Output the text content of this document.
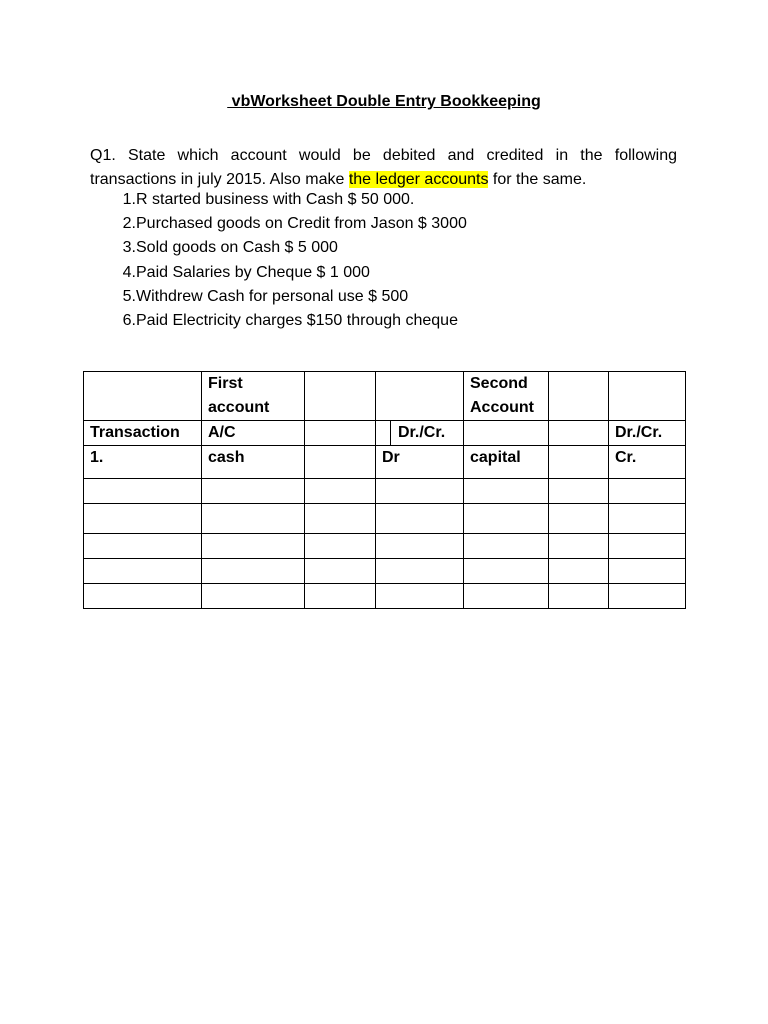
vbWorksheet Double Entry Bookkeeping

Q1. State which account would be debited and credited in the following transactions in july 2015. Also make the ledger accounts for the same.

1. R started business with Cash $ 50 000.
2. Purchased goods on Credit from Jason $ 3000
3. Sold goods on Cash $ 5 000
4. Paid Salaries by Cheque $ 1 000
5. Withdrew Cash for personal use $ 500
6. Paid Electricity charges $150 through cheque
	First account			Second Account		
Transaction	A/C		Dr./Cr.			Dr./Cr.
1.	cash		Dr	capital		Cr.
